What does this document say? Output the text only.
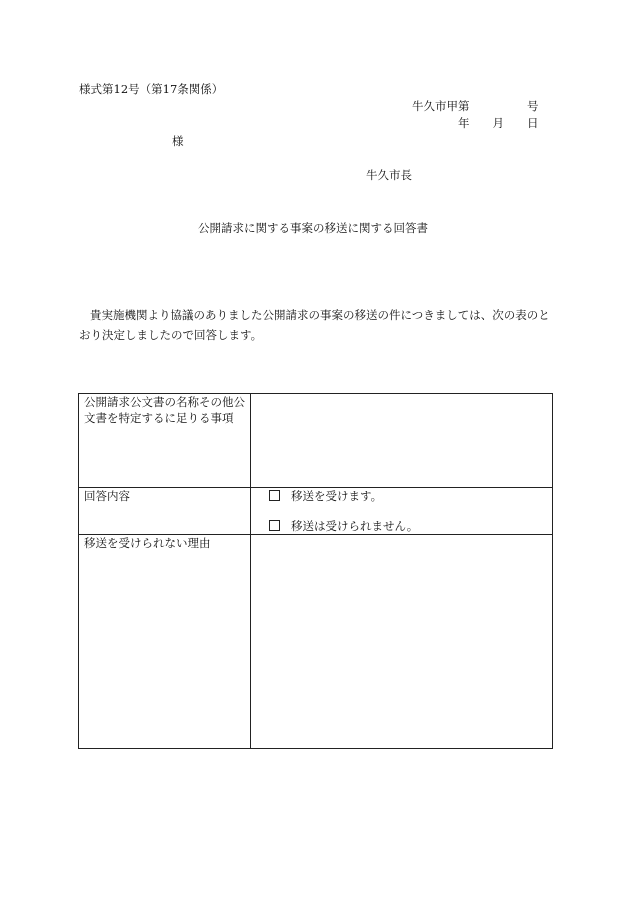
様式第12号（第17条関係）
牛久市甲第　　　　　号
年　　月　　日
様
牛久市長
公開請求に関する事案の移送に関する回答書
貴実施機関より協議のありました公開請求の事案の移送の件につきましては、次の表のとおり決定しましたので回答します。
公開請求公文書の名称その他公文書を特定するに足りる事項	
回答内容	移送を受けます。
移送は受けられません。

移送を受けられない理由	
